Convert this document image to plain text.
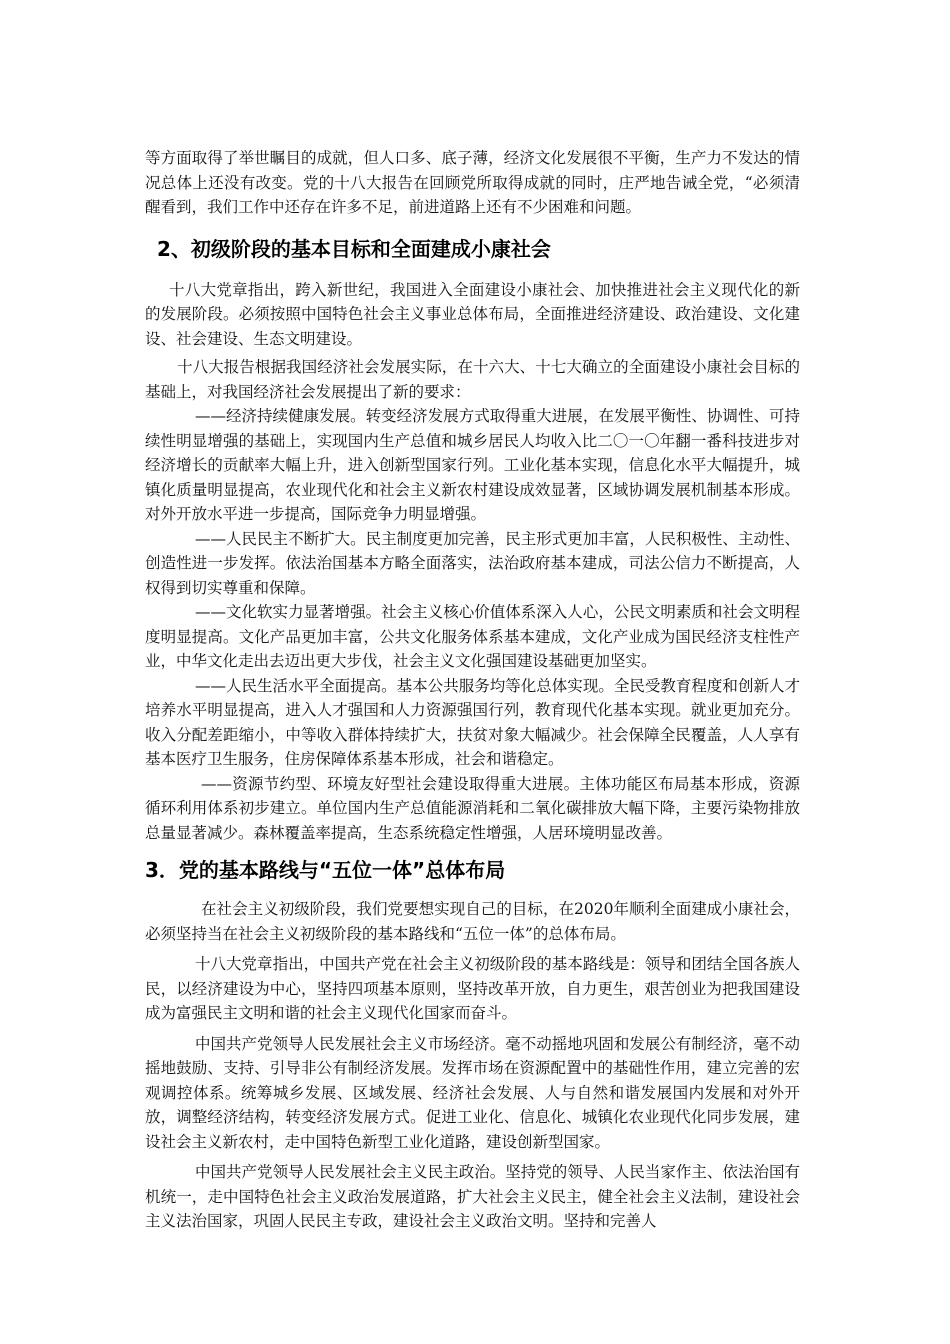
等方面取得了举世瞩目的成就，但人口多、底子薄，经济文化发展很不平衡，生产力不发达的情况总体上还没有改变。党的十八大报告在回顾党所取得成就的同时，庄严地告诫全党，“必须清醒看到，我们工作中还存在许多不足，前进道路上还有不少困难和问题。

2、初级阶段的基本目标和全面建成小康社会

十八大党章指出，跨入新世纪，我国进入全面建设小康社会、加快推进社会主义现代化的新的发展阶段。必须按照中国特色社会主义事业总体布局，全面推进经济建设、政治建设、文化建设、社会建设、生态文明建设。

十八大报告根据我国经济社会发展实际，在十六大、十七大确立的全面建设小康社会目标的基础上，对我国经济社会发展提出了新的要求：

——经济持续健康发展。转变经济发展方式取得重大进展，在发展平衡性、协调性、可持续性明显增强的基础上，实现国内生产总值和城乡居民人均收入比二〇一〇年翻一番科技进步对经济增长的贡献率大幅上升，进入创新型国家行列。工业化基本实现，信息化水平大幅提升，城镇化质量明显提高，农业现代化和社会主义新农村建设成效显著，区域协调发展机制基本形成。对外开放水平进一步提高，国际竞争力明显增强。

——人民民主不断扩大。民主制度更加完善，民主形式更加丰富，人民积极性、主动性、创造性进一步发挥。依法治国基本方略全面落实，法治政府基本建成，司法公信力不断提高，人权得到切实尊重和保障。

——文化软实力显著增强。社会主义核心价值体系深入人心，公民文明素质和社会文明程度明显提高。文化产品更加丰富，公共文化服务体系基本建成，文化产业成为国民经济支柱性产业，中华文化走出去迈出更大步伐，社会主义文化强国建设基础更加坚实。

——人民生活水平全面提高。基本公共服务均等化总体实现。全民受教育程度和创新人才培养水平明显提高，进入人才强国和人力资源强国行列，教育现代化基本实现。就业更加充分。收入分配差距缩小，中等收入群体持续扩大，扶贫对象大幅减少。社会保障全民覆盖，人人享有基本医疗卫生服务，住房保障体系基本形成，社会和谐稳定。

——资源节约型、环境友好型社会建设取得重大进展。主体功能区布局基本形成，资源循环利用体系初步建立。单位国内生产总值能源消耗和二氧化碳排放大幅下降，主要污染物排放总量显著减少。森林覆盖率提高，生态系统稳定性增强，人居环境明显改善。

3．党的基本路线与“五位一体”总体布局

在社会主义初级阶段，我们党要想实现自己的目标，在2020年顺利全面建成小康社会，必须坚持当在社会主义初级阶段的基本路线和“五位一体”的总体布局。

十八大党章指出，中国共产党在社会主义初级阶段的基本路线是：领导和团结全国各族人民，以经济建设为中心，坚持四项基本原则，坚持改革开放，自力更生，艰苦创业为把我国建设成为富强民主文明和谐的社会主义现代化国家而奋斗。

中国共产党领导人民发展社会主义市场经济。毫不动摇地巩固和发展公有制经济，毫不动摇地鼓励、支持、引导非公有制经济发展。发挥市场在资源配置中的基础性作用，建立完善的宏观调控体系。统筹城乡发展、区域发展、经济社会发展、人与自然和谐发展国内发展和对外开放，调整经济结构，转变经济发展方式。促进工业化、信息化、城镇化农业现代化同步发展，建设社会主义新农村，走中国特色新型工业化道路，建设创新型国家。

中国共产党领导人民发展社会主义民主政治。坚持党的领导、人民当家作主、依法治国有机统一，走中国特色社会主义政治发展道路，扩大社会主义民主，健全社会主义法制，建设社会主义法治国家，巩固人民民主专政，建设社会主义政治文明。坚持和完善人
